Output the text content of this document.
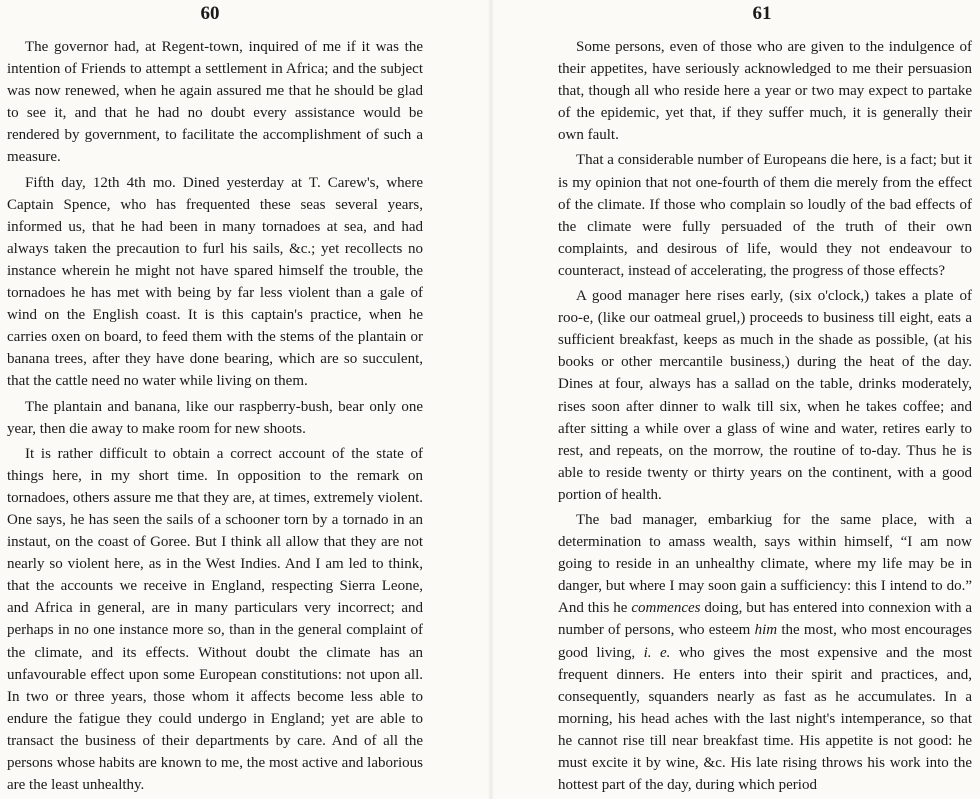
60

The governor had, at Regent-town, inquired of me if it was the intention of Friends to attempt a settlement in Africa; and the subject was now renewed, when he again assured me that he should be glad to see it, and that he had no doubt every assistance would be rendered by government, to facilitate the accomplishment of such a measure.

Fifth day, 12th 4th mo. Dined yesterday at T. Carew's, where Captain Spence, who has frequented these seas several years, informed us, that he had been in many tornadoes at sea, and had always taken the precaution to furl his sails, &c.; yet recollects no instance wherein he might not have spared himself the trouble, the tornadoes he has met with being by far less violent than a gale of wind on the English coast. It is this captain's practice, when he carries oxen on board, to feed them with the stems of the plantain or banana trees, after they have done bearing, which are so succulent, that the cattle need no water while living on them.

The plantain and banana, like our raspberry-bush, bear only one year, then die away to make room for new shoots.

It is rather difficult to obtain a correct account of the state of things here, in my short time. In opposition to the remark on tornadoes, others assure me that they are, at times, extremely violent. One says, he has seen the sails of a schooner torn by a tornado in an instaut, on the coast of Goree. But I think all allow that they are not nearly so violent here, as in the West Indies. And I am led to think, that the accounts we receive in England, respecting Sierra Leone, and Africa in general, are in many particulars very incorrect; and perhaps in no one instance more so, than in the general complaint of the climate, and its effects. Without doubt the climate has an unfavourable effect upon some European constitutions: not upon all. In two or three years, those whom it affects become less able to endure the fatigue they could undergo in England; yet are able to transact the business of their departments by care. And of all the persons whose habits are known to me, the most active and laborious are the least unhealthy.

61

Some persons, even of those who are given to the indulgence of their appetites, have seriously acknowledged to me their persuasion that, though all who reside here a year or two may expect to partake of the epidemic, yet that, if they suffer much, it is generally their own fault.

That a considerable number of Europeans die here, is a fact; but it is my opinion that not one-fourth of them die merely from the effect of the climate. If those who complain so loudly of the bad effects of the climate were fully persuaded of the truth of their own complaints, and desirous of life, would they not endeavour to counteract, instead of accelerating, the progress of those effects?

A good manager here rises early, (six o'clock,) takes a plate of roo-e, (like our oatmeal gruel,) proceeds to business till eight, eats a sufficient breakfast, keeps as much in the shade as possible, (at his books or other mercantile business,) during the heat of the day. Dines at four, always has a sallad on the table, drinks moderately, rises soon after dinner to walk till six, when he takes coffee; and after sitting a while over a glass of wine and water, retires early to rest, and repeats, on the morrow, the routine of to-day. Thus he is able to reside twenty or thirty years on the continent, with a good portion of health.

The bad manager, embarkiug for the same place, with a determination to amass wealth, says within himself, “I am now going to reside in an unhealthy climate, where my life may be in danger, but where I may soon gain a sufficiency: this I intend to do.” And this he commences doing, but has entered into connexion with a number of persons, who esteem him the most, who most encourages good living, i. e. who gives the most expensive and the most frequent dinners. He enters into their spirit and practices, and, consequently, squanders nearly as fast as he accumulates. In a morning, his head aches with the last night's intemperance, so that he cannot rise till near breakfast time. His appetite is not good: he must excite it by wine, &c. His late rising throws his work into the hottest part of the day, during which period
